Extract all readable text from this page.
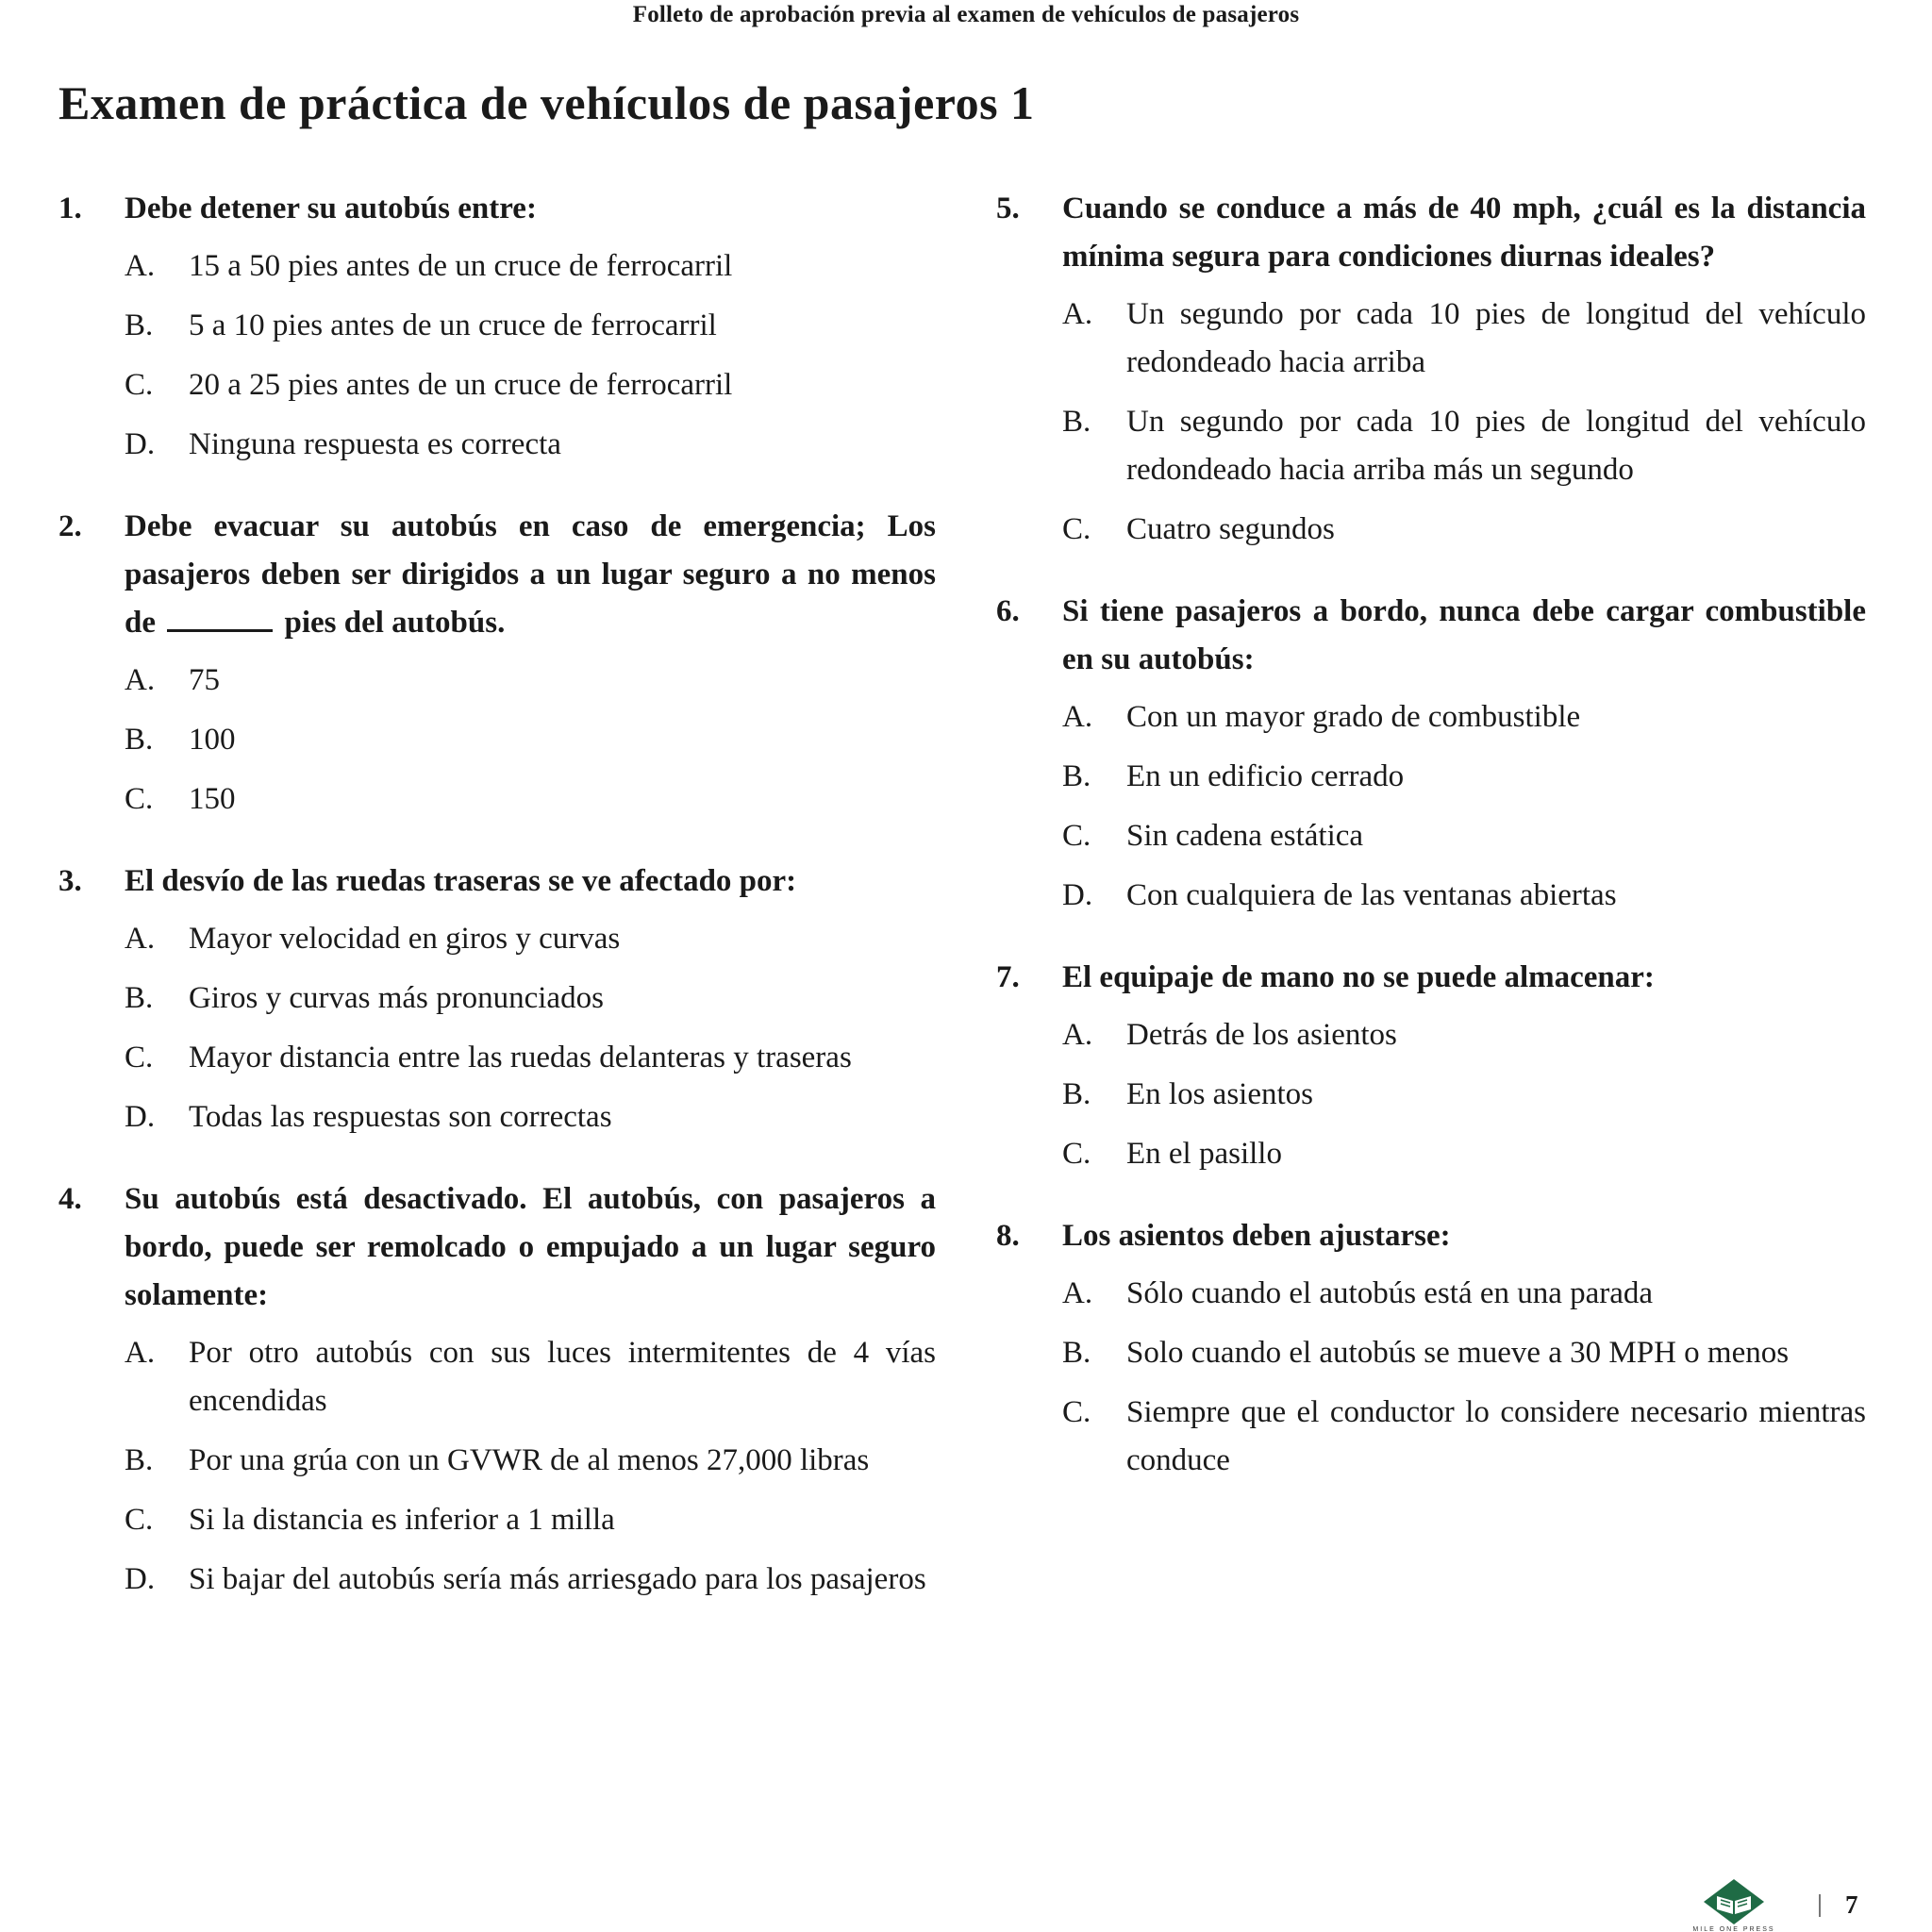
Folleto de aprobación previa al examen de vehículos de pasajeros
Examen de práctica de vehículos de pasajeros 1
1.	Debe detener su autobús entre:
A.	15 a 50 pies antes de un cruce de ferrocarril
B.	5 a 10 pies antes de un cruce de ferrocarril
C.	20 a 25 pies antes de un cruce de ferrocarril
D.	Ninguna respuesta es correcta
2.	Debe evacuar su autobús en caso de emergencia; Los pasajeros deben ser dirigidos a un lugar seguro a no menos de	pies del autobús.
A.	75
B.	100
C.	150
3.	El desvío de las ruedas traseras se ve afectado por:
A.	Mayor velocidad en giros y curvas
B.	Giros y curvas más pronunciados
C.	Mayor distancia entre las ruedas delanteras y traseras
D.	Todas las respuestas son correctas
4.	Su autobús está desactivado. El autobús, con pasajeros a bordo, puede ser remolcado o empujado a un lugar seguro solamente:
A.	Por otro autobús con sus luces intermitentes de 4 vías encendidas
B.	Por una grúa con un GVWR de al menos 27,000 libras
C.	Si la distancia es inferior a 1 milla
D.	Si bajar del autobús sería más arriesgado para los pasajeros
5.	Cuando se conduce a más de 40 mph, ¿cuál es la distancia mínima segura para condiciones diurnas ideales?
A.	Un segundo por cada 10 pies de longitud del vehículo redondeado hacia arriba
B.	Un segundo por cada 10 pies de longitud del vehículo redondeado hacia arriba más un segundo
C.	Cuatro segundos
6.	Si tiene pasajeros a bordo, nunca debe cargar combustible en su autobús:
A.	Con un mayor grado de combustible
B.	En un edificio cerrado
C.	Sin cadena estática
D.	Con cualquiera de las ventanas abiertas
7.	El equipaje de mano no se puede almacenar:
A.	Detrás de los asientos
B.	En los asientos
C.	En el pasillo
8.	Los asientos deben ajustarse:
A.	Sólo cuando el autobús está en una parada
B.	Solo cuando el autobús se mueve a 30 MPH o menos
C.	Siempre que el conductor lo considere necesario mientras conduce
MILE ONE PRESS
7
